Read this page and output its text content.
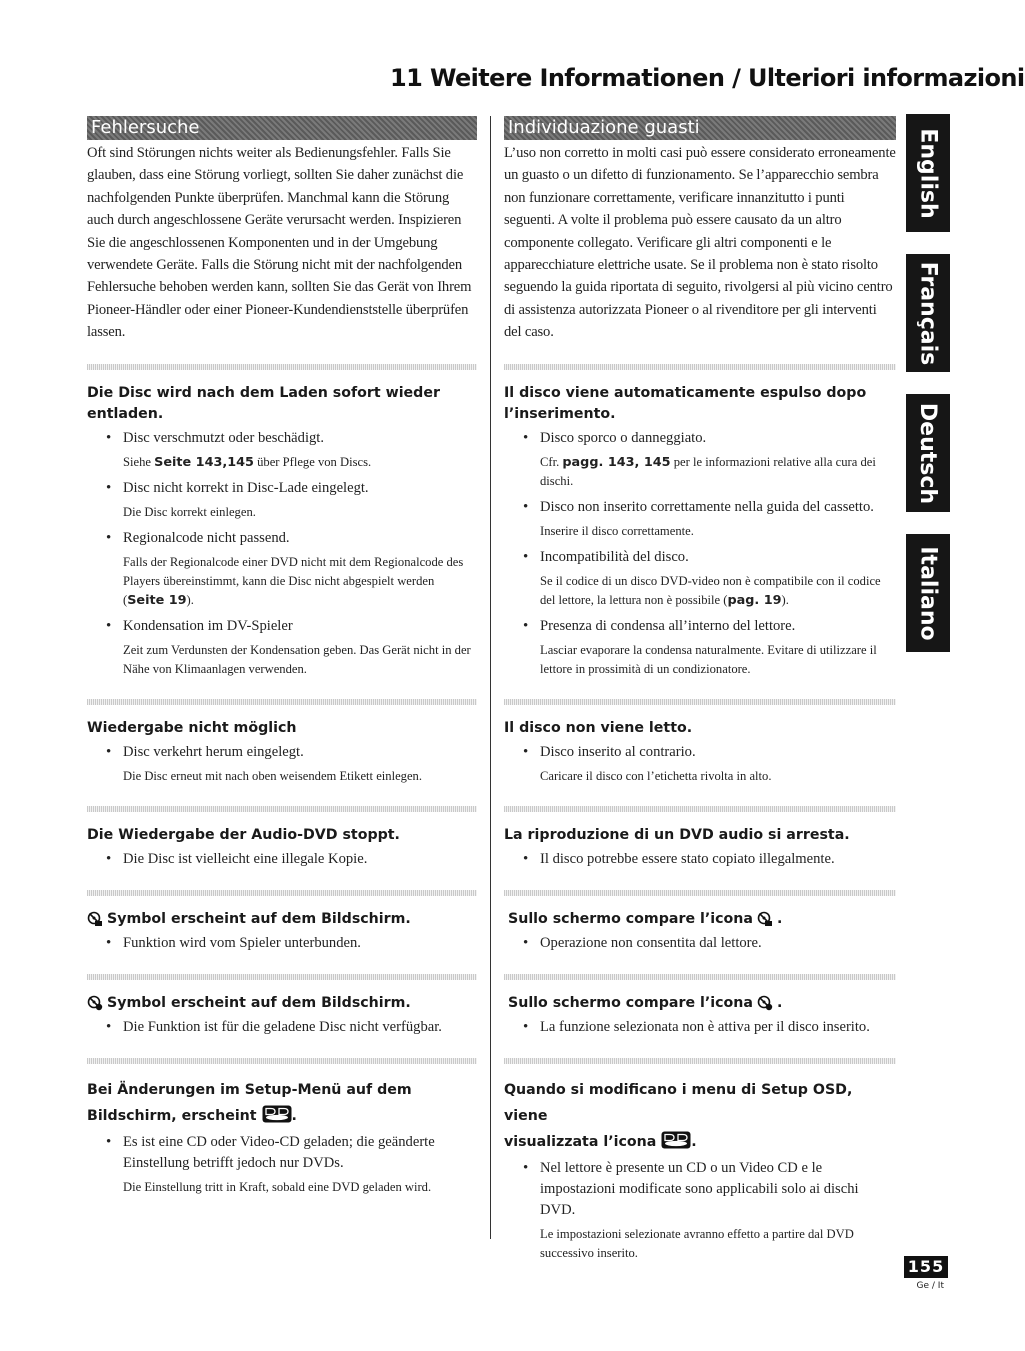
11 Weitere Informationen / Ulteriori informazioni
Fehlersuche

Oft sind Störungen nichts weiter als Bedienungsfehler. Falls Sie glauben, dass eine Störung vorliegt, sollten Sie daher zunächst die nachfolgenden Punkte überprüfen. Manchmal kann die Störung auch durch angeschlossene Geräte verursacht werden. Inspizieren Sie die angeschlossenen Komponenten und in der Umgebung verwendete Geräte. Falls die Störung nicht mit der nachfolgenden Fehlersuche behoben werden kann, sollten Sie das Gerät von Ihrem Pioneer-Händler oder einer Pioneer-Kundendienststelle überprüfen lassen.

Die Disc wird nach dem Laden sofort wieder entladen.
• Disc verschmutzt oder beschädigt.
Siehe Seite 143,145 über Pflege von Discs.
• Disc nicht korrekt in Disc-Lade eingelegt.
Die Disc korrekt einlegen.
• Regionalcode nicht passend.
Falls der Regionalcode einer DVD nicht mit dem Regionalcode des Players übereinstimmt, kann die Disc nicht abgespielt werden (Seite 19).
• Kondensation im DV-Spieler
Zeit zum Verdunsten der Kondensation geben. Das Gerät nicht in der Nähe von Klimaanlagen verwenden.
Wiedergabe nicht möglich
• Disc verkehrt herum eingelegt.
Die Disc erneut mit nach oben weisendem Etikett einlegen.
Die Wiedergabe der Audio-DVD stoppt.
• Die Disc ist vielleicht eine illegale Kopie.
Symbol erscheint auf dem Bildschirm.
• Funktion wird vom Spieler unterbunden.
Symbol erscheint auf dem Bildschirm.
• Die Funktion ist für die geladene Disc nicht verfügbar.
Bei Änderungen im Setup-Menü auf dem
Bildschirm, erscheint .
• Es ist eine CD oder Video-CD geladen; die geänderte Einstellung betrifft jedoch nur DVDs.
Die Einstellung tritt in Kraft, sobald eine DVD geladen wird.
Individuazione guasti

L’uso non corretto in molti casi può essere considerato erroneamente un guasto o un difetto di funzionamento. Se l’apparecchio sembra non funzionare correttamente, verificare innanzitutto i punti seguenti. A volte il problema può essere causato da un altro componente collegato. Verificare gli altri componenti e le apparecchiature elettriche usate. Se il problema non è stato risolto seguendo la guida riportata di seguito, rivolgersi al più vicino centro di assistenza autorizzata Pioneer o al rivenditore per gli interventi del caso.

Il disco viene automaticamente espulso dopo l’inserimento.
• Disco sporco o danneggiato.
Cfr. pagg. 143, 145 per le informazioni relative alla cura dei dischi.
• Disco non inserito correttamente nella guida del cassetto.
Inserire il disco correttamente.
• Incompatibilità del disco.
Se il codice di un disco DVD-video non è compatibile con il codice del lettore, la lettura non è possibile (pag. 19).
• Presenza di condensa all’interno del lettore.
Lasciar evaporare la condensa naturalmente. Evitare di utilizzare il lettore in prossimità di un condizionatore.
Il disco non viene letto.
• Disco inserito al contrario.
Caricare il disco con l’etichetta rivolta in alto.
La riproduzione di un DVD audio si arresta.
• Il disco potrebbe essere stato copiato illegalmente.
Sullo schermo compare l’icona .
• Operazione non consentita dal lettore.
Sullo schermo compare l’icona .
• La funzione selezionata non è attiva per il disco inserito.
Quando si modificano i menu di Setup OSD, viene
visualizzata l’icona .
• Nel lettore è presente un CD o un Video CD e le impostazioni modificate sono applicabili solo ai dischi DVD.
Le impostazioni selezionate avranno effetto a partire dal DVD successivo inserito.
English
Français
Deutsch
Italiano
155
Ge / It
